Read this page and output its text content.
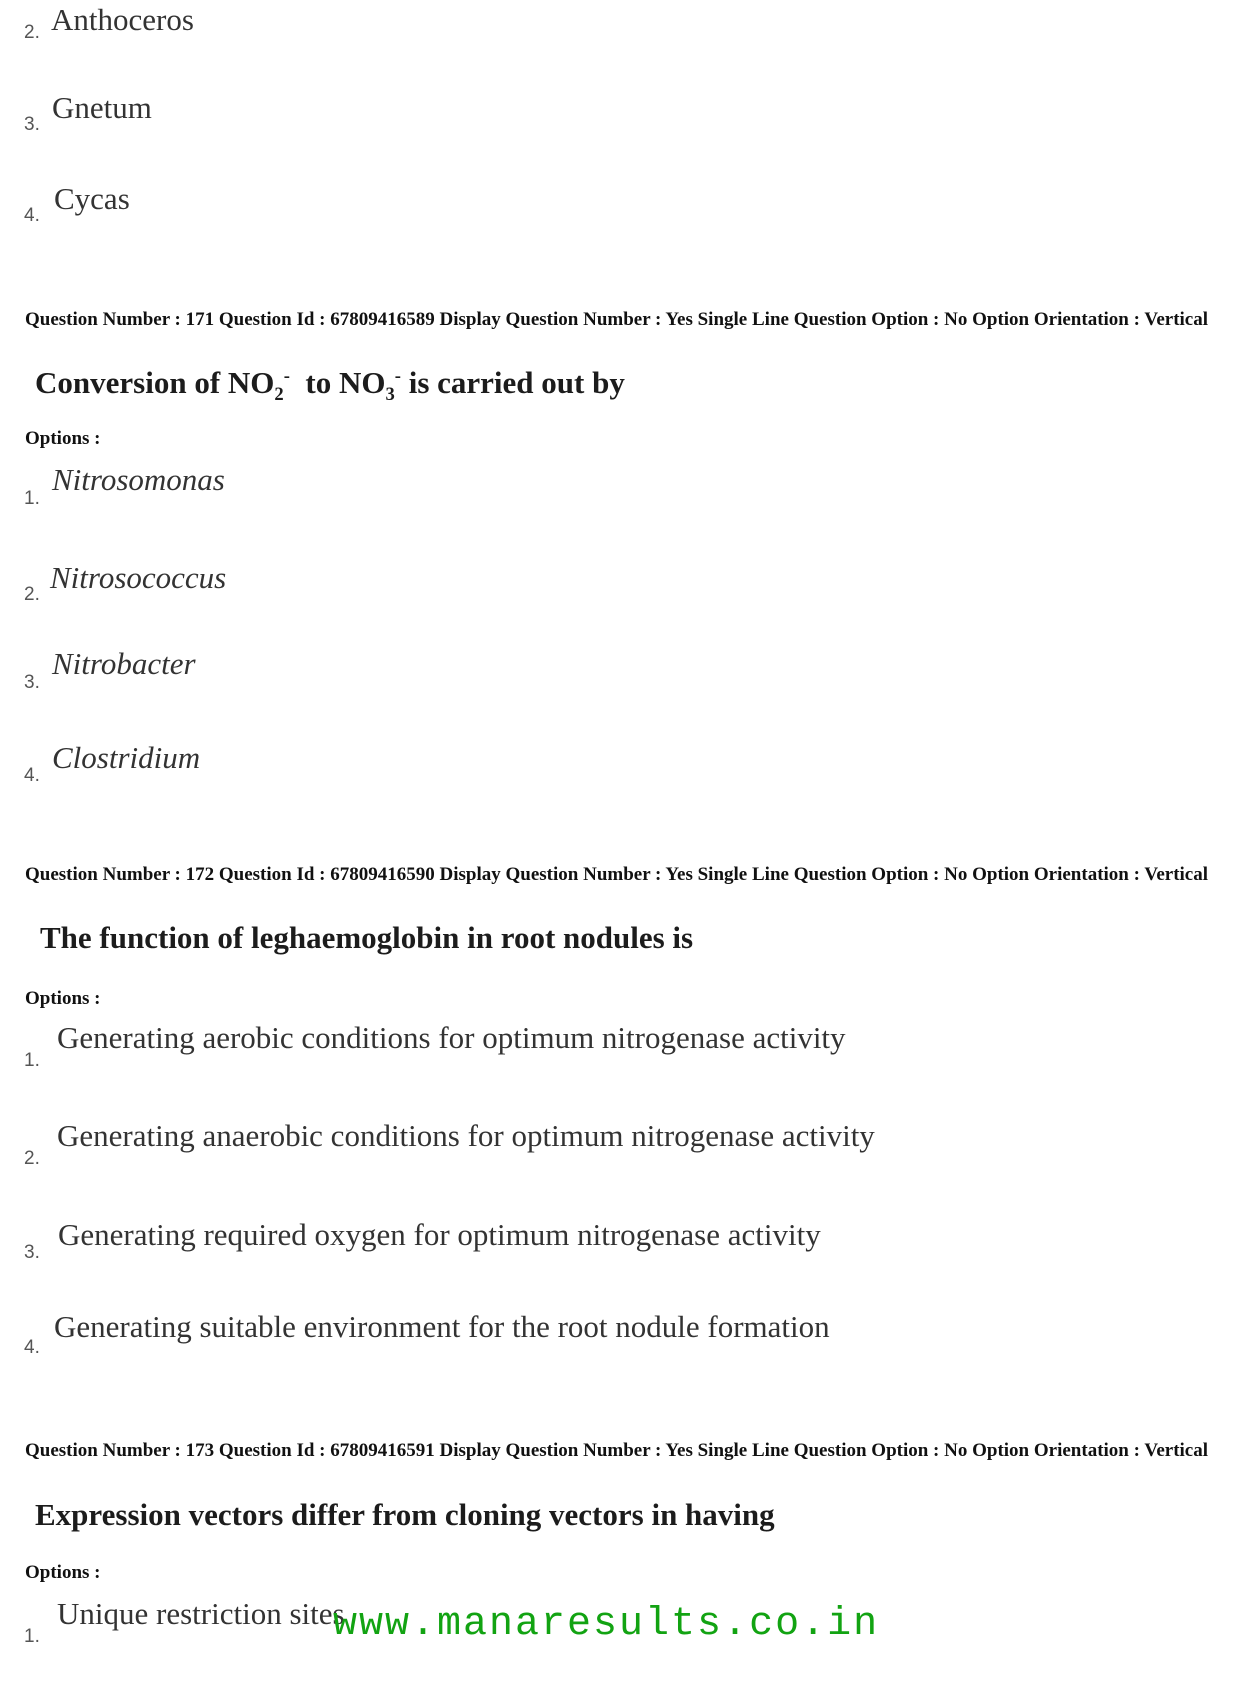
2. Anthoceros
3. Gnetum
4. Cycas
Question Number : 171 Question Id : 67809416589 Display Question Number : Yes Single Line Question Option : No Option Orientation : Vertical
Conversion of $NO_2^-$  to $NO_3^-$ is carried out by
Options :
1.
Nitrosomonas
2. Nitrosococcus
3.
Nitrobacter
4.
Clostridium
Question Number : 172 Question Id : 67809416590 Display Question Number : Yes Single Line Question Option : No Option Orientation : Vertical
The function of leghaemoglobin in root nodules is
Options :
1.
Generating aerobic conditions for optimum nitrogenase activity
2.
Generating anaerobic conditions for optimum nitrogenase activity
3.
Generating required oxygen for optimum nitrogenase activity
4.
Generating suitable environment for the root nodule formation
Question Number : 173 Question Id : 67809416591 Display Question Number : Yes Single Line Question Option : No Option Orientation : Vertical
Expression vectors differ from cloning vectors in having
Options :
1.
Unique restriction sites
www.manaresults.co.in
